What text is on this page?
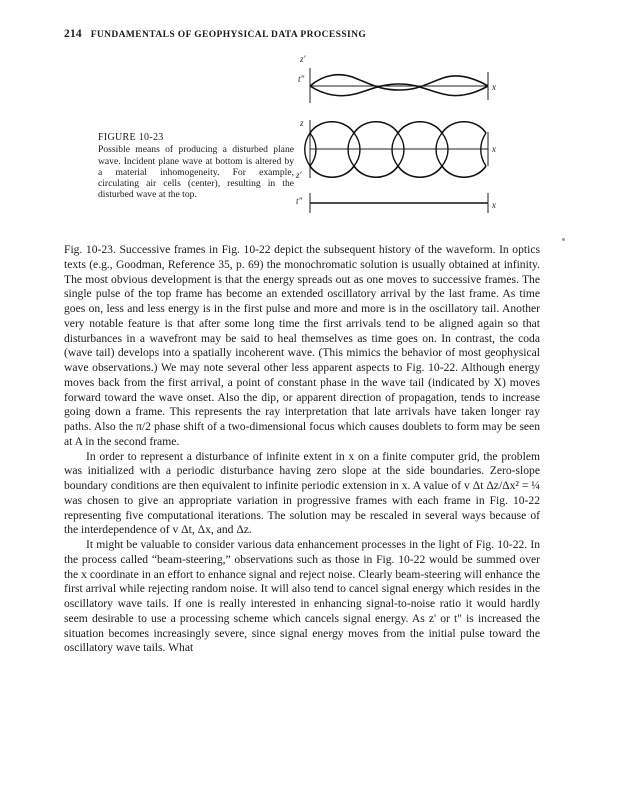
214 FUNDAMENTALS OF GEOPHYSICAL DATA PROCESSING
FIGURE 10-23
Possible means of producing a disturbed plane wave. Incident plane wave at bottom is altered by a material inhomogeneity. For example, circulating air cells (center), resulting in the disturbed wave at the top.
z'
t"
x
z
z'
x
t"	x

Fig. 10-23. Successive frames in Fig. 10-22 depict the subsequent history of the waveform. In optics texts (e.g., Goodman, Reference 35, p. 69) the monochromatic solution is usually obtained at infinity. The most obvious development is that the energy spreads out as one moves to successive frames. The single pulse of the top frame has become an extended oscillatory arrival by the last frame. As time goes on, less and less energy is in the first pulse and more and more is in the oscillatory tail. Another very notable feature is that after some long time the first arrivals tend to be aligned again so that disturbances in a wavefront may be said to heal themselves as time goes on. In contrast, the coda (wave tail) develops into a spatially incoherent wave. (This mimics the behavior of most geophysical wave observations.) We may note several other less apparent aspects to Fig. 10-22. Although energy moves back from the first arrival, a point of constant phase in the wave tail (indicated by X) moves forward toward the wave onset. Also the dip, or apparent direction of propagation, tends to increase going down a frame. This represents the ray interpretation that late arrivals have taken longer ray paths. Also the π/2 phase shift of a two-dimensional focus which causes doublets to form may be seen at A in the second frame.

In order to represent a disturbance of infinite extent in x on a finite computer grid, the problem was initialized with a periodic disturbance having zero slope at the side boundaries. Zero-slope boundary conditions are then equivalent to infinite periodic extension in x. A value of v Δt Δz/Δx² = ¼ was chosen to give an appropriate variation in progressive frames with each frame in Fig. 10-22 representing five computational iterations. The solution may be rescaled in several ways because of the interdependence of v Δt, Δx, and Δz.

It might be valuable to consider various data enhancement processes in the light of Fig. 10-22. In the process called “beam-steering,” observations such as those in Fig. 10-22 would be summed over the x coordinate in an effort to enhance signal and reject noise. Clearly beam-steering will enhance the first arrival while rejecting random noise. It will also tend to cancel signal energy which resides in the oscillatory wave tails. If one is really interested in enhancing signal-to-noise ratio it would hardly seem desirable to use a processing scheme which cancels signal energy. As z' or t" is increased the situation becomes increasingly severe, since signal energy moves from the initial pulse toward the oscillatory wave tails. What
